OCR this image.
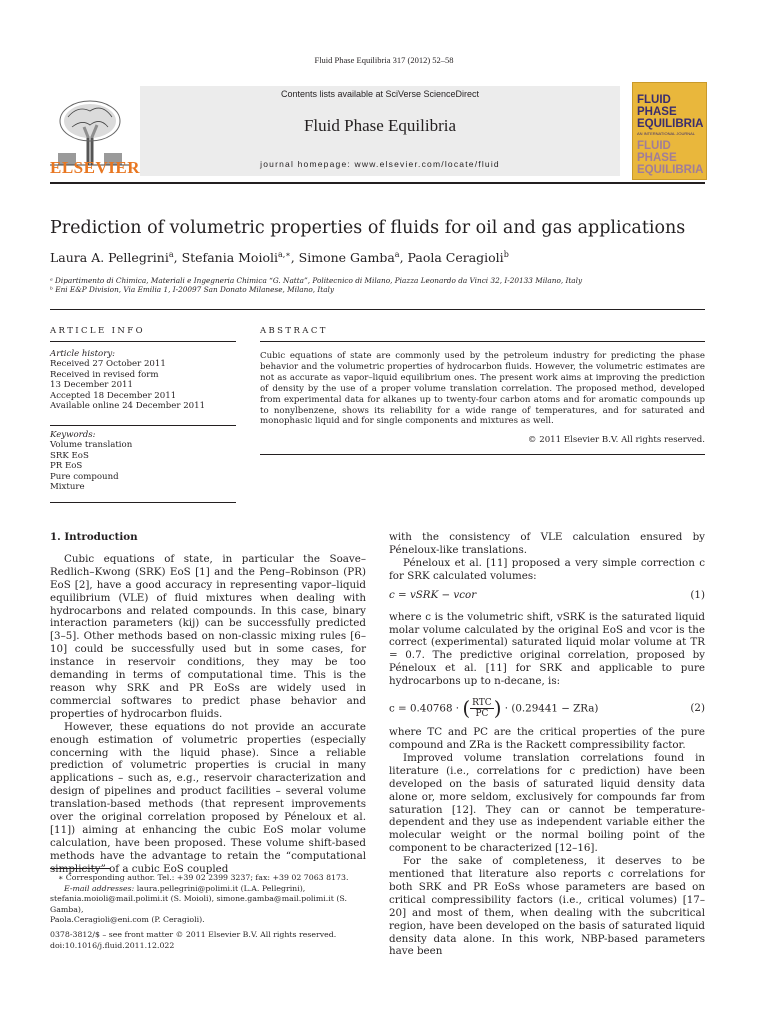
Fluid Phase Equilibria 317 (2012) 52–58
ELSEVIER
Contents lists available at SciVerse ScienceDirect
Fluid Phase Equilibria
journal homepage: www.elsevier.com/locate/fluid
FLUID PHASE EQUILIBRIA
AN INTERNATIONAL JOURNAL
FLUID PHASE EQUILIBRIA
Prediction of volumetric properties of fluids for oil and gas applications
Laura A. Pellegrini$^a$, Stefania Moioli$^{a,∗}$, Simone Gamba$^a$, Paola Ceragioli$^b$
ᵃ Dipartimento di Chimica, Materiali e Ingegneria Chimica “G. Natta”, Politecnico di Milano, Piazza Leonardo da Vinci 32, I-20133 Milano, Italy
ᵇ Eni E&P Division, Via Emilia 1, I-20097 San Donato Milanese, Milano, Italy
ARTICLE INFO	ABSTRACT
Article history:
Received 27 October 2011
Received in revised form
13 December 2011
Accepted 18 December 2011
Available online 24 December 2011
Keywords:
Volume translation
SRK EoS
PR EoS
Pure compound
Mixture
Cubic equations of state are commonly used by the petroleum industry for predicting the phase behavior and the volumetric properties of hydrocarbon fluids. However, the volumetric estimates are not as accurate as vapor–liquid equilibrium ones. The present work aims at improving the prediction of density by the use of a proper volume translation correlation. The proposed method, developed from experimental data for alkanes up to twenty-four carbon atoms and for aromatic compounds up to nonylbenzene, shows its reliability for a wide range of temperatures, and for saturated and monophasic liquid and for single components and mixtures as well.
© 2011 Elsevier B.V. All rights reserved.
1. Introduction

Cubic equations of state, in particular the Soave–Redlich–Kwong (SRK) EoS [1] and the Peng–Robinson (PR) EoS [2], have a good accuracy in representing vapor–liquid equilibrium (VLE) of fluid mixtures when dealing with hydrocarbons and related compounds. In this case, binary interaction parameters (kij) can be successfully predicted [3–5]. Other methods based on non-classic mixing rules [6–10] could be successfully used but in some cases, for instance in reservoir conditions, they may be too demanding in terms of computational time. This is the reason why SRK and PR EoSs are widely used in commercial softwares to predict phase behavior and properties of hydrocarbon fluids.

However, these equations do not provide an accurate enough estimation of volumetric properties (especially concerning with the liquid phase). Since a reliable prediction of volumetric properties is crucial in many applications – such as, e.g., reservoir characterization and design of pipelines and product facilities – several volume translation-based methods (that represent improvements over the original correlation proposed by Péneloux et al. [11]) aiming at enhancing the cubic EoS molar volume calculation, have been proposed. These volume shift-based methods have the advantage to retain the “computational simplicity” of a cubic EoS coupled

with the consistency of VLE calculation ensured by Péneloux-like translations.

Péneloux et al. [11] proposed a very simple correction c for SRK calculated volumes:

c = vSRK − vcor	(1)

where c is the volumetric shift, vSRK is the saturated liquid molar volume calculated by the original EoS and vcor is the correct (experimental) saturated liquid molar volume at TR = 0.7. The predictive original correlation, proposed by Péneloux et al. [11] for SRK and applicable to pure hydrocarbons up to n-decane, is:

c = 0.40768 · ( $\frac{\text{RTC}}{PC}$ ) · (0.29441 − ZRa)	(2)

where TC and PC are the critical properties of the pure compound and ZRa is the Rackett compressibility factor.

Improved volume translation correlations found in literature (i.e., correlations for c prediction) have been developed on the basis of saturated liquid density data alone or, more seldom, exclusively for compounds far from saturation [12]. They can or cannot be temperature-dependent and they use as independent variable either the molecular weight or the normal boiling point of the component to be characterized [12–16].

For the sake of completeness, it deserves to be mentioned that literature also reports c correlations for both SRK and PR EoSs whose parameters are based on critical compressibility factors (i.e., critical volumes) [17–20] and most of them, when dealing with the subcritical region, have been developed on the basis of saturated liquid density data alone. In this work, NBP-based parameters have been

∗ Corresponding author. Tel.: +39 02 2399 3237; fax: +39 02 7063 8173.
E-mail addresses: laura.pellegrini@polimi.it (L.A. Pellegrini),
stefania.moioli@mail.polimi.it (S. Moioli), simone.gamba@mail.polimi.it (S. Gamba),
Paola.Ceragioli@eni.com (P. Ceragioli).
0378-3812/$ – see front matter © 2011 Elsevier B.V. All rights reserved.
doi:10.1016/j.fluid.2011.12.022
